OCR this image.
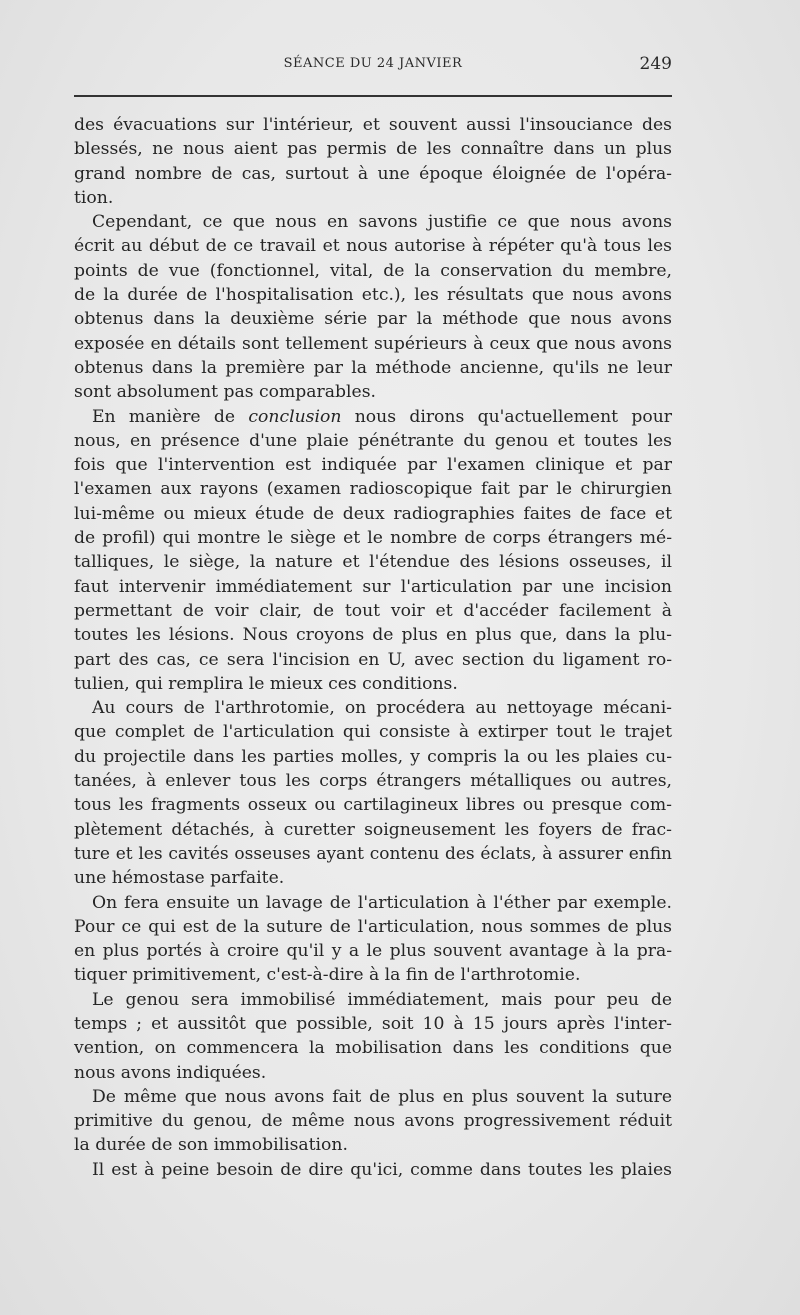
SÉANCE DU 24 JANVIER	249
des évacuations sur l'intérieur, et souvent aussi l'insouciance des
blessés, ne nous aient pas permis de les connaître dans un plus
grand nombre de cas, surtout à une époque éloignée de l'opéra-
tion.
Cependant, ce que nous en savons justifie ce que nous avons
écrit au début de ce travail et nous autorise à répéter qu'à tous les
points de vue (fonctionnel, vital, de la conservation du membre,
de la durée de l'hospitalisation etc.), les résultats que nous avons
obtenus dans la deuxième série par la méthode que nous avons
exposée en détails sont tellement supérieurs à ceux que nous avons
obtenus dans la première par la méthode ancienne, qu'ils ne leur
sont absolument pas comparables.
En manière de conclusion nous dirons qu'actuellement pour
nous, en présence d'une plaie pénétrante du genou et toutes les
fois que l'intervention est indiquée par l'examen clinique et par
l'examen aux rayons (examen radioscopique fait par le chirurgien
lui-même ou mieux étude de deux radiographies faites de face et
de profil) qui montre le siège et le nombre de corps étrangers mé-
talliques, le siège, la nature et l'étendue des lésions osseuses, il
faut intervenir immédiatement sur l'articulation par une incision
permettant de voir clair, de tout voir et d'accéder facilement à
toutes les lésions. Nous croyons de plus en plus que, dans la plu-
part des cas, ce sera l'incision en U, avec section du ligament ro-
tulien, qui remplira le mieux ces conditions.
Au cours de l'arthrotomie, on procédera au nettoyage mécani-
que complet de l'articulation qui consiste à extirper tout le trajet
du projectile dans les parties molles, y compris la ou les plaies cu-
tanées, à enlever tous les corps étrangers métalliques ou autres,
tous les fragments osseux ou cartilagineux libres ou presque com-
plètement détachés, à curetter soigneusement les foyers de frac-
ture et les cavités osseuses ayant contenu des éclats, à assurer enfin
une hémostase parfaite.
On fera ensuite un lavage de l'articulation à l'éther par exemple.
Pour ce qui est de la suture de l'articulation, nous sommes de plus
en plus portés à croire qu'il y a le plus souvent avantage à la pra-
tiquer primitivement, c'est-à-dire à la fin de l'arthrotomie.
Le genou sera immobilisé immédiatement, mais pour peu de
temps ; et aussitôt que possible, soit 10 à 15 jours après l'inter-
vention, on commencera la mobilisation dans les conditions que
nous avons indiquées.
De même que nous avons fait de plus en plus souvent la suture
primitive du genou, de même nous avons progressivement réduit
la durée de son immobilisation.
Il est à peine besoin de dire qu'ici, comme dans toutes les plaies
